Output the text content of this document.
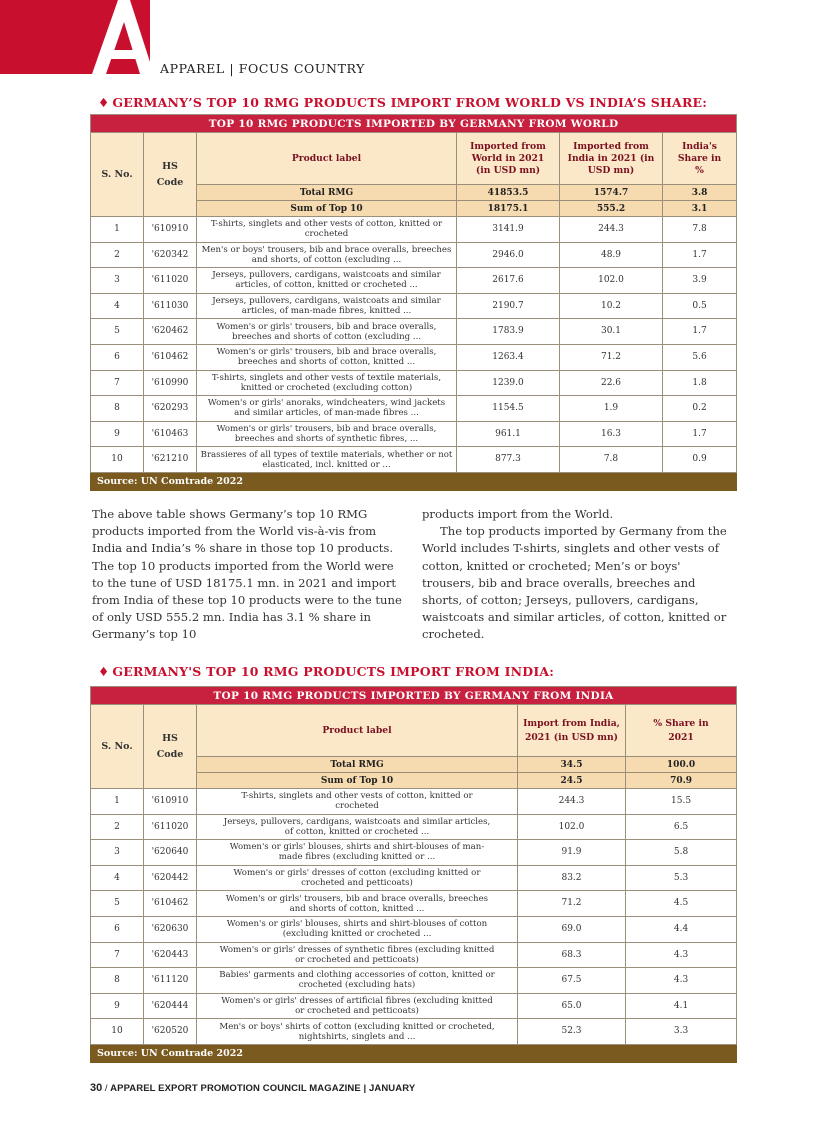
APPAREL | FOCUS COUNTRY
♦ GERMANY’S TOP 10 RMG PRODUCTS IMPORT FROM WORLD VS INDIA’S SHARE:
TOP 10 RMG PRODUCTS IMPORTED BY GERMANY FROM WORLD					
S. No.	HS Code	Product label	Imported from World in 2021 (in USD mn)	Imported from India in 2021 (in USD mn)	India's Share in %
		Total RMG	41853.5	1574.7	3.8
		Sum of Top 10	18175.1	555.2	3.1
1	'610910	T-shirts, singlets and other vests of cotton, knitted or crocheted	3141.9	244.3	7.8
2	'620342	Men's or boys' trousers, bib and brace overalls, breeches and shorts, of cotton (excluding ...	2946.0	48.9	1.7
3	'611020	Jerseys, pullovers, cardigans, waistcoats and similar articles, of cotton, knitted or crocheted ...	2617.6	102.0	3.9
4	'611030	Jerseys, pullovers, cardigans, waistcoats and similar articles, of man-made fibres, knitted ...	2190.7	10.2	0.5
5	'620462	Women's or girls' trousers, bib and brace overalls, breeches and shorts of cotton (excluding ...	1783.9	30.1	1.7
6	'610462	Women's or girls' trousers, bib and brace overalls, breeches and shorts of cotton, knitted ...	1263.4	71.2	5.6
7	'610990	T-shirts, singlets and other vests of textile materials, knitted or crocheted (excluding cotton)	1239.0	22.6	1.8
8	'620293	Women's or girls' anoraks, windcheaters, wind jackets and similar articles, of man-made fibres ...	1154.5	1.9	0.2
9	'610463	Women's or girls' trousers, bib and brace overalls, breeches and shorts of synthetic fibres, ...	961.1	16.3	1.7
10	'621210	Brassieres of all types of textile materials, whether or not elasticated, incl. knitted or ...	877.3	7.8	0.9
Source: UN Comtrade 2022					

The above table shows Germany’s top 10 RMG products imported from the World vis-à-vis from India and India’s % share in those top 10 products. The top 10 products imported from the World were to the tune of USD 18175.1 mn. in 2021 and import from India of these top 10 products were to the tune of only USD 555.2 mn. India has 3.1 % share in Germany’s top 10

products import from the World.

The top products imported by Germany from the World includes T-shirts, singlets and other vests of cotton, knitted or crocheted; Men’s or boys' trousers, bib and brace overalls, breeches and shorts, of cotton; Jerseys, pullovers, cardigans, waistcoats and similar articles, of cotton, knitted or crocheted.

♦ GERMANY'S TOP 10 RMG PRODUCTS IMPORT FROM INDIA:
TOP 10 RMG PRODUCTS IMPORTED BY GERMANY FROM INDIA				
S. No.	HS Code	Product label	Import from India, 2021 (in USD mn)	% Share in 2021
		Total RMG	34.5	100.0
		Sum of Top 10	24.5	70.9
1	'610910	T-shirts, singlets and other vests of cotton, knitted or crocheted	244.3	15.5
2	'611020	Jerseys, pullovers, cardigans, waistcoats and similar articles, of cotton, knitted or crocheted ...	102.0	6.5
3	'620640	Women's or girls' blouses, shirts and shirt-blouses of man-made fibres (excluding knitted or ...	91.9	5.8
4	'620442	Women's or girls' dresses of cotton (excluding knitted or crocheted and petticoats)	83.2	5.3
5	'610462	Women's or girls' trousers, bib and brace overalls, breeches and shorts of cotton, knitted ...	71.2	4.5
6	'620630	Women's or girls' blouses, shirts and shirt-blouses of cotton (excluding knitted or crocheted ...	69.0	4.4
7	'620443	Women's or girls' dresses of synthetic fibres (excluding knitted or crocheted and petticoats)	68.3	4.3
8	'611120	Babies' garments and clothing accessories of cotton, knitted or crocheted (excluding hats)	67.5	4.3
9	'620444	Women's or girls' dresses of artificial fibres (excluding knitted or crocheted and petticoats)	65.0	4.1
10	'620520	Men's or boys' shirts of cotton (excluding knitted or crocheted, nightshirts, singlets and ...	52.3	3.3
Source: UN Comtrade 2022				
30 / APPAREL EXPORT PROMOTION COUNCIL MAGAZINE | JANUARY
